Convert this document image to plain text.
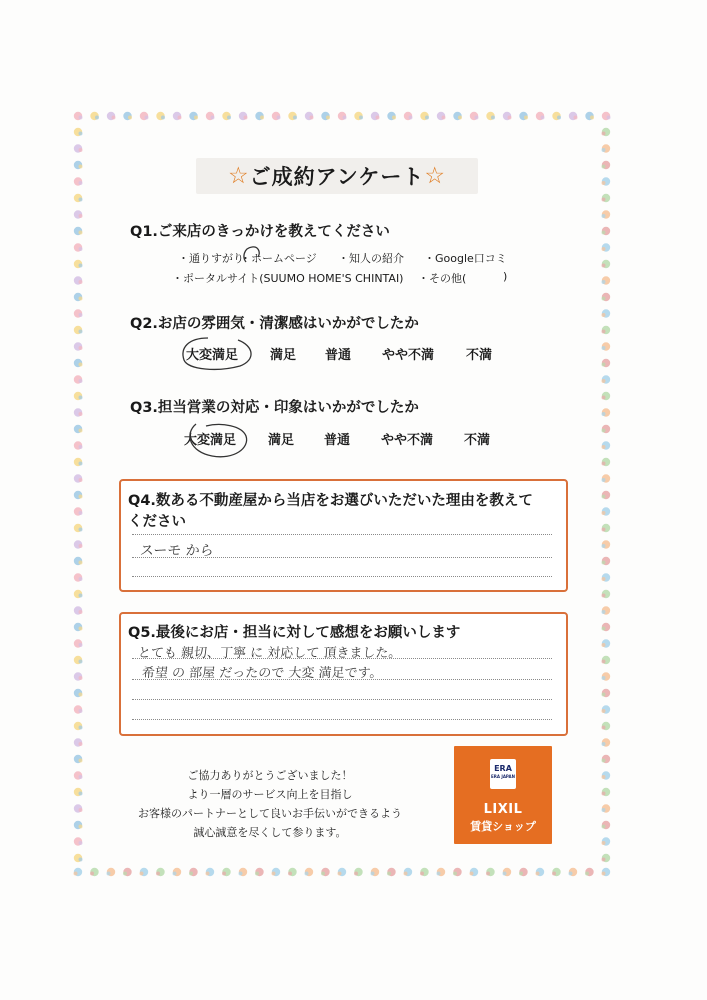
☆ ご成約アンケート ☆
Q1.ご来店のきっかけを教えてください
・通りすがり
・ホームページ ・知人の紹介 ・Google口コミ
・ポータルサイト(SUUMO HOME'S CHINTAI) ・その他(	)
Q2.お店の雰囲気・清潔感はいかがでしたか
大変満足 満足 普通 やや不満 不満
Q3.担当営業の対応・印象はいかがでしたか
大変満足 満足 普通 やや不満 不満
Q4.数ある不動産屋から当店をお選びいただいた理由を教えて
ください
スーモ から
Q5.最後にお店・担当に対して感想をお願いします
とても 親切、丁寧 に 対応して 頂きました。
希望 の 部屋 だったので 大変 満足です。
ご協力ありがとうございました！
より一層のサービス向上を目指し
お客様のパートナーとして良いお手伝いができるよう
誠心誠意を尽くして参ります。
ERA
ERA JAPAN
LIXIL
賃貸ショップ
